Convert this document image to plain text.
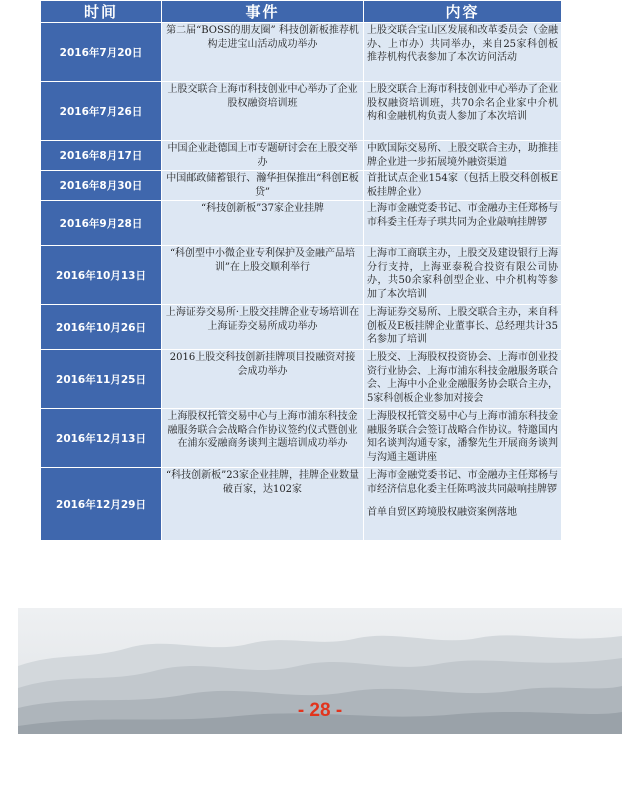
时间	事件	内容
2016年7月20日	第二届“BOSS的朋友圈” 科技创新板推荐机构走进宝山活动成功举办	上股交联合宝山区发展和改革委员会（金融办、上市办）共同举办，来自25家科创板推荐机构代表参加了本次访问活动
2016年7月26日	上股交联合上海市科技创业中心举办了企业股权融资培训班	上股交联合上海市科技创业中心举办了企业股权融资培训班，共70余名企业家中介机构和金融机构负责人参加了本次培训
2016年8月17日	中国企业赴德国上市专题研讨会在上股交举办	中欧国际交易所、上股交联合主办，助推挂牌企业进一步拓展境外融资渠道
2016年8月30日	中国邮政储蓄银行、瀚华担保推出“科创E板贷”	首批试点企业154家（包括上股交科创板E板挂牌企业）
2016年9月28日	“科技创新板”37家企业挂牌	上海市金融党委书记、市金融办主任郑杨与市科委主任寿子琪共同为企业敲响挂牌锣
2016年10月13日	“科创型中小微企业专利保护及金融产品培训”在上股交顺利举行	上海市工商联主办，上股交及建设银行上海分行支持，上海亚泰税合投资有限公司协办，共50余家科创型企业、中介机构等参加了本次培训
2016年10月26日	上海证券交易所·上股交挂牌企业专场培训在上海证券交易所成功举办	上海证券交易所、上股交联合主办，来自科创板及E板挂牌企业董事长、总经理共计35名参加了培训
2016年11月25日	2016上股交科技创新挂牌项目投融资对接会成功举办	上股交、上海股权投资协会、上海市创业投资行业协会、上海市浦东科技金融服务联合会、上海中小企业金融服务协会联合主办，5家科创板企业参加对接会
2016年12月13日	上海股权托管交易中心与上海市浦东科技金融服务联合会战略合作协议签约仪式暨创业在浦东爱融商务谈判主题培训成功举办	上海股权托管交易中心与上海市浦东科技金融服务联合会签订战略合作协议。特邀国内知名谈判沟通专家，潘黎先生开展商务谈判与沟通主题讲座
2016年12月29日	“科技创新板”23家企业挂牌，挂牌企业数量破百家，达102家	上海市金融党委书记、市金融办主任郑杨与市经济信息化委主任陈鸣波共同敲响挂牌锣
首单自贸区跨境股权融资案例落地
- 28 -
